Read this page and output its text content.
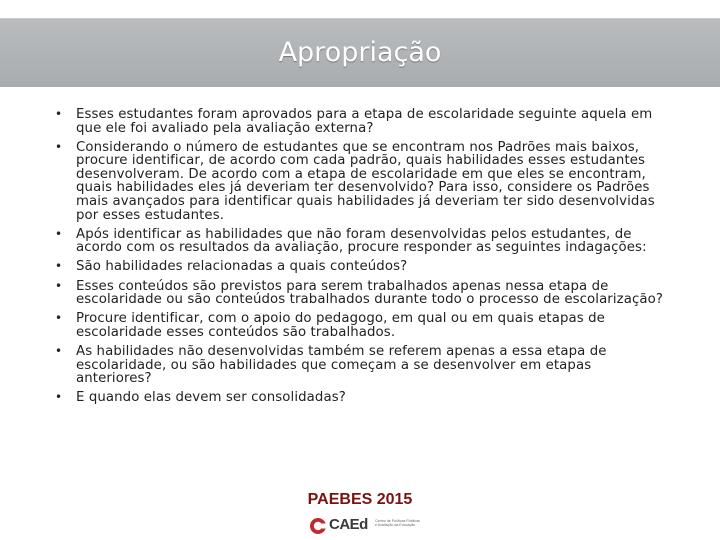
Apropriação
• Esses estudantes foram aprovados para a etapa de escolaridade seguinte aquela em que ele foi avaliado pela avaliação externa?
• Considerando o número de estudantes que se encontram nos Padrões mais baixos, procure identificar, de acordo com cada padrão, quais habilidades esses estudantes desenvolveram. De acordo com a etapa de escolaridade em que eles se encontram, quais habilidades eles já deveriam ter desenvolvido? Para isso, considere os Padrões mais avançados para identificar quais habilidades já deveriam ter sido desenvolvidas por esses estudantes.
• Após identificar as habilidades que não foram desenvolvidas pelos estudantes, de acordo com os resultados da avaliação, procure responder as seguintes indagações:
• São habilidades relacionadas a quais conteúdos?
• Esses conteúdos são previstos para serem trabalhados apenas nessa etapa de escolaridade ou são conteúdos trabalhados durante todo o processo de escolarização?
• Procure identificar, com o apoio do pedagogo, em qual ou em quais etapas de escolaridade esses conteúdos são trabalhados.
• As habilidades não desenvolvidas também se referem apenas a essa etapa de escolaridade, ou são habilidades que começam a se desenvolver em etapas anteriores?
• E quando elas devem ser consolidadas?
PAEBES 2015
CAEd Centro de Políticas Públicas e Avaliação da Educação
